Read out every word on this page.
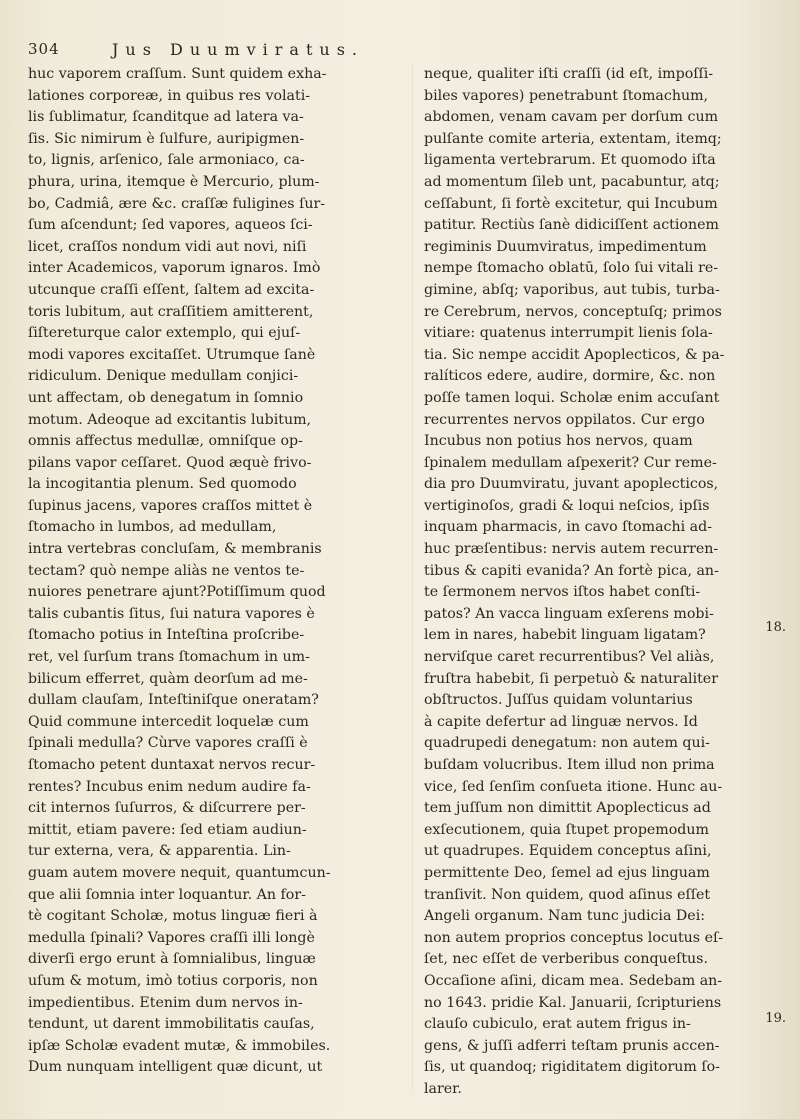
304	Jus Duumviratus.
huc vaporem craſſum. Sunt quidem exha-
lationes corporeæ, in quibus res volati-
lis ſublimatur, ſcanditque ad latera va-
ſis. Sic nimirum è ſulfure, auripigmen-
to, lignis, arſenico, ſale armoniaco, ca-
phura, urina, itemque è Mercurio, plum-
bo, Cadmiâ, ære &c. craſſæ fuligines ſur-
ſum aſcendunt; ſed vapores, aqueos ſci-
licet, craſſos nondum vidi aut novi, niſi
inter Academicos, vaporum ignaros. Imò
utcunque craſſi eſſent, ſaltem ad excita-
toris lubitum, aut craſſitiem amitterent,
ſiſtereturque calor extemplo, qui ejuſ-
modi vapores excitaſſet. Utrumque ſanè
ridiculum. Denique medullam conjici-
unt affectam, ob denegatum in ſomnio
motum. Adeoque ad excitantis lubitum,
omnis affectus medullæ, omniſque op-
pilans vapor ceſſaret. Quod æquè frivo-
la incogitantia plenum. Sed quomodo
ſupinus jacens, vapores craſſos mittet è
ſtomacho in lumbos, ad medullam,
intra vertebras concluſam, & membranis
tectam? quò nempe aliàs ne ventos te-
nuiores penetrare ajunt?Potiſſimum quod
talis cubantis ſitus, ſui natura vapores è
ſtomacho potius in Inteſtina proſcribe-
ret, vel ſurſum trans ſtomachum in um-
bilicum efferret, quàm deorſum ad me-
dullam clauſam, Inteſtiniſque oneratam?
Quid commune intercedit loquelæ cum
ſpinali medulla? Cùrve vapores craſſi è
ſtomacho petent duntaxat nervos recur-
rentes? Incubus enim nedum audire fa-
cit internos ſuſurros, & diſcurrere per-
mittit, etiam pavere: ſed etiam audiun-
tur externa, vera, & apparentia. Lin-
guam autem movere nequit, quantumcun-
que alii ſomnia inter loquantur. An for-
tè cogitant Scholæ, motus linguæ fieri à
medulla ſpinali? Vapores craſſi illi longè
diverſi ergo erunt à ſomnialibus, linguæ
uſum & motum, imò totius corporis, non
impedientibus. Etenim dum nervos in-
tendunt, ut darent immobilitatis cauſas,
ipſæ Scholæ evadent mutæ, & immobiles.
Dum nunquam intelligent quæ dicunt, ut
neque, qualiter iſti craſſi (id eſt, impoſſi-
biles vapores) penetrabunt ſtomachum,
abdomen, venam cavam per dorſum cum
pulſante comite arteria, extentam, itemq;
ligamenta vertebrarum. Et quomodo iſta
ad momentum ſileb unt, pacabuntur, atq;
ceſſabunt, ſi fortè excitetur, qui Incubum
patitur. Rectiùs ſanè didiciſſent actionem
regiminis Duumviratus, impedimentum
nempe ſtomacho oblatū, ſolo ſui vitali re-
gimine, abſq; vaporibus, aut tubis, turba-
re Cerebrum, nervos, conceptuſq; primos
vitiare: quatenus interrumpit lienis ſola-
tia. Sic nempe accidit Apoplecticos, & pa-
ralíticos edere, audire, dormire, &c. non
poſſe tamen loqui. Scholæ enim accuſant
recurrentes nervos oppilatos. Cur ergo
Incubus non potius hos nervos, quam
ſpinalem medullam aſpexerit? Cur reme-
dia pro Duumviratu, juvant apoplecticos,
vertiginoſos, gradi & loqui neſcios, ipſis
inquam pharmacis, in cavo ſtomachi ad-
huc præſentibus: nervis autem recurren-
tibus & capiti evanida? An fortè pica, an-
te ſermonem nervos iſtos habet conſti-
patos? An vacca linguam exſerens mobi-
lem in nares, habebit linguam ligatam?
nerviſque caret recurrentibus? Vel aliàs,
fruſtra habebit, ſi perpetuò & naturaliter
obſtructos. Juſſus quidam voluntarius
à capite defertur ad linguæ nervos. Id
quadrupedi denegatum: non autem qui-
buſdam volucribus. Item illud non prima
vice, ſed ſenſim conſueta itione. Hunc au-
tem juſſum non dimittit Apoplecticus ad
exſecutionem, quia ſtupet propemodum
ut quadrupes. Equidem conceptus aſini,
permittente Deo, ſemel ad ejus linguam
tranſivit. Non quidem, quod aſinus eſſet
Angeli organum. Nam tunc judicia Dei:
non autem proprios conceptus locutus eſ-
ſet, nec eſſet de verberibus conqueſtus.
Occaſione aſini, dicam mea. Sedebam an-
no 1643. pridie Kal. Januarii, ſcripturiens
clauſo cubiculo, erat autem frigus in-
gens, & juſſi adferri teſtam prunis accen-
ſis, ut quandoq; rigiditatem digitorum ſo-
larer.
18.
19.
